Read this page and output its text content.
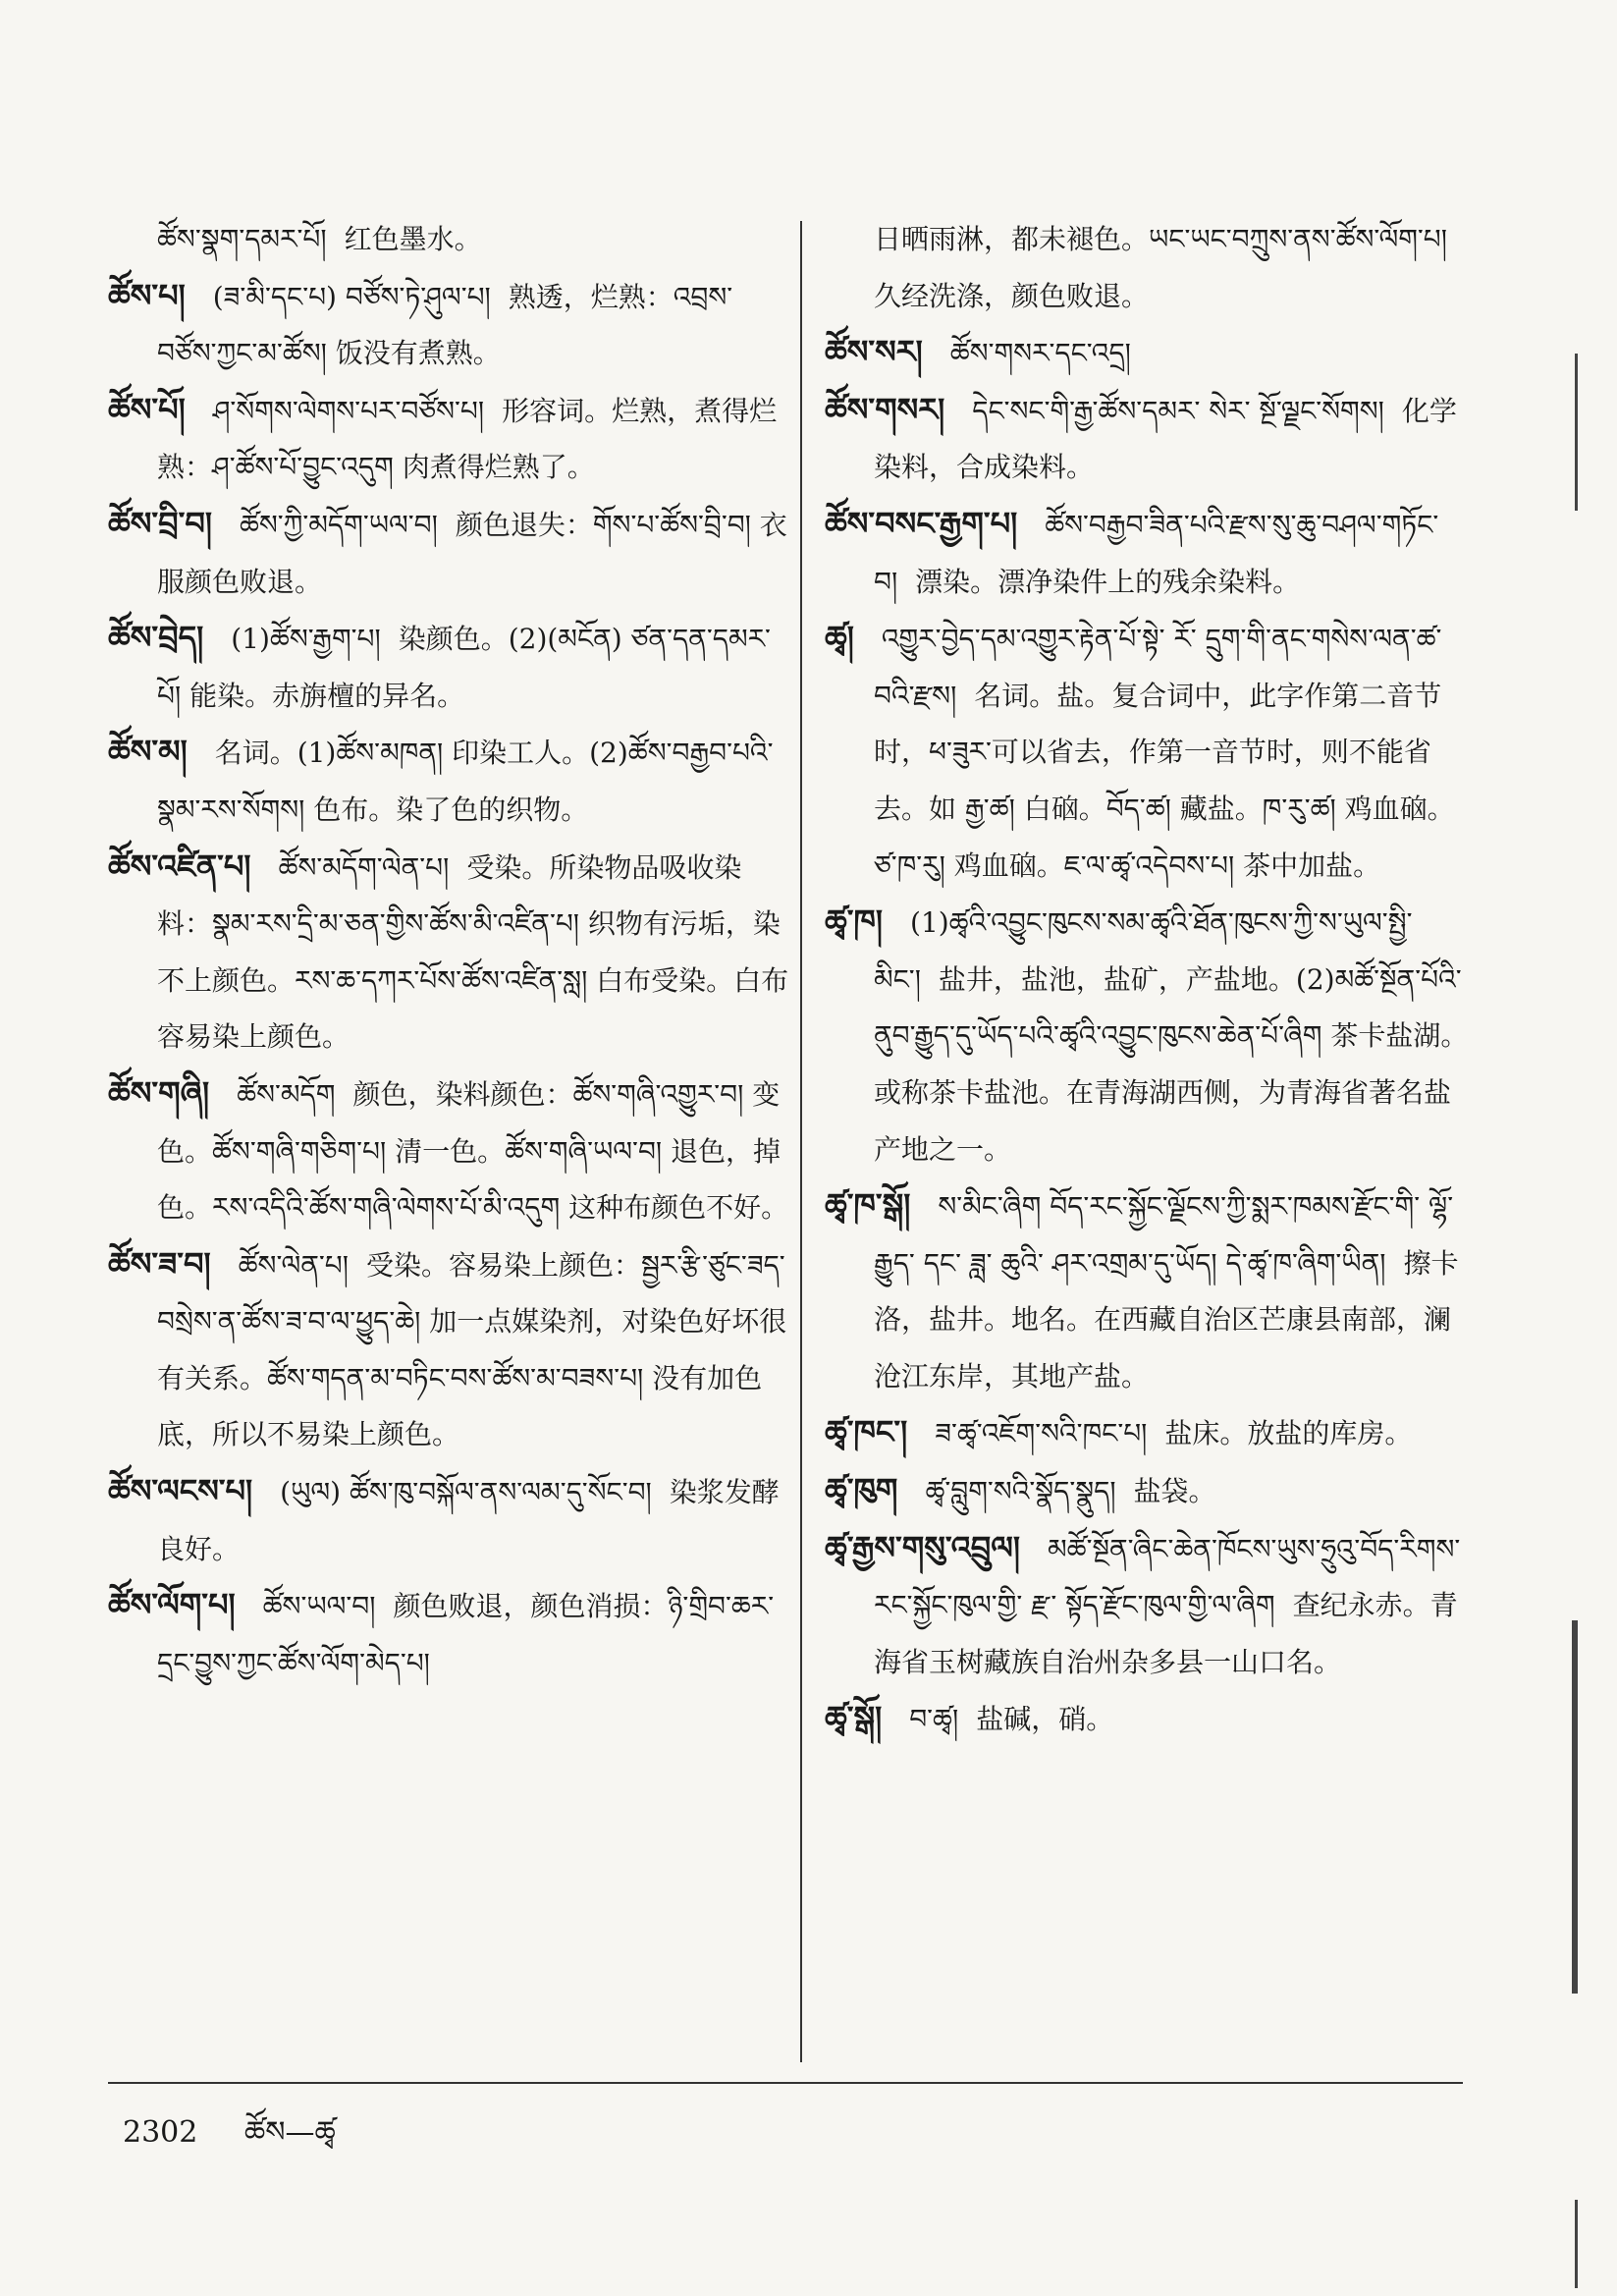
ཚོས་སྣག་དམར་པོ། 红色墨水。

ཚོས་པ། (ཟ་མི་དང་པ) བཙོས་ཏེ་ཤུལ་པ། 熟透，烂熟：འབྲས་བཙོས་ཀྱང་མ་ཚོས། 饭没有煮熟。

ཚོས་པོ། ཤ་སོགས་ལེགས་པར་བཙོས་པ། 形容词。烂熟，煮得烂熟：ཤ་ཚོས་པོ་བྱུང་འདུག 肉煮得烂熟了。

ཚོས་བྲི་བ། ཚོས་ཀྱི་མདོག་ཡལ་བ། 颜色退失：གོས་པ་ཚོས་བྲི་བ། 衣服颜色败退。

ཚོས་བྲེད། (1)ཚོས་རྒྱག་པ། 染颜色。(2)(མངོན) ཙན་དན་དམར་པོ། 能染。赤旃檀的异名。

ཚོས་མ། 名词。(1)ཚོས་མཁན། 印染工人。(2)ཚོས་བརྒྱབ་པའི་སྣམ་རས་སོགས། 色布。染了色的织物。

ཚོས་འཛིན་པ། ཚོས་མདོག་ལེན་པ། 受染。所染物品吸收染料：སྣམ་རས་དྲི་མ་ཅན་གྱིས་ཚོས་མི་འཛིན་པ། 织物有污垢，染不上颜色。རས་ཆ་དཀར་པོས་ཚོས་འཛིན་སླ། 白布受染。白布容易染上颜色。

ཚོས་གཞི། ཚོས་མདོག 颜色，染料颜色：ཚོས་གཞི་འགྱུར་བ། 变色。ཚོས་གཞི་གཅིག་པ། 清一色。ཚོས་གཞི་ཡལ་བ། 退色，掉色。རས་འདིའི་ཚོས་གཞི་ལེགས་པོ་མི་འདུག 这种布颜色不好。

ཚོས་ཟ་བ། ཚོས་ལེན་པ། 受染。容易染上颜色：སྦྱར་རྩི་ཙུང་ཟད་བསྲེས་ན་ཚོས་ཟ་བ་ལ་ཕྱུད་ཆེ། 加一点媒染剂，对染色好坏很有关系。ཚོས་གདན་མ་བཏིང་བས་ཚོས་མ་བཟས་པ། 没有加色底，所以不易染上颜色。

ཚོས་ལངས་པ། (ཡུལ) ཚོས་ཁུ་བསྐོལ་ནས་ལམ་དུ་སོང་བ། 染浆发酵良好。

ཚོས་ལོག་པ། ཚོས་ཡལ་བ། 颜色败退，颜色消损：ཉི་གྲིབ་ཆར་དྲང་བྱུས་ཀྱང་ཚོས་ལོག་མེད་པ།

日晒雨淋，都未褪色。ཡང་ཡང་བཀྲུས་ནས་ཚོས་ལོག་པ། 久经洗涤，颜色败退。

ཚོས་སར། ཚོས་གསར་དང་འདྲ།

ཚོས་གསར། དེང་སང་གི་རྒྱ་ཚོས་དམར་ སེར་ སྔོ་ལྗང་སོགས། 化学染料，合成染料。

ཚོས་བསང་རྒྱག་པ། ཚོས་བརྒྱབ་ཟིན་པའི་རྫས་སུ་ཆུ་བཤལ་གཏོང་བ། 漂染。漂净染件上的残余染料。

ཚྭ། འགྱུར་བྱེད་དམ་འགྱུར་རྟེན་པོ་སྟེ་ རོ་ དྲུག་གི་ནང་གསེས་ལན་ཚ་བའི་རྫས། 名词。盐。复合词中，此字作第二音节时，ཕ་ཟུར་可以省去，作第一音节时，则不能省去。如 རྒྱ་ཚ། 白硇。བོད་ཚ། 藏盐。ཁ་རུ་ཚ། 鸡血硇。ཙ་ཁ་རུ། 鸡血硇。ཇ་ལ་ཚྭ་འདེབས་པ། 茶中加盐。

ཚྭ་ཁ། (1)ཚྭའི་འབྱུང་ཁུངས་སམ་ཚྭའི་ཐོན་ཁུངས་ཀྱི་ས་ཡུལ་སྤྱི་མིང་། 盐井，盐池，盐矿，产盐地。(2)མཚོ་སྔོན་པོའི་ནུབ་རྒྱུད་དུ་ཡོད་པའི་ཚྭའི་འབྱུང་ཁུངས་ཆེན་པོ་ཞིག 茶卡盐湖。或称茶卡盐池。在青海湖西侧，为青海省著名盐产地之一。

ཚྭ་ཁ་སྒོ། ས་མིང་ཞིག བོད་རང་སྐྱོང་ལྗོངས་ཀྱི་སྨར་ཁམས་རྫོང་གི་ ལྷོ་ རྒྱུད་ དང་ ཟླ་ ཆུའི་ ཤར་འགྲམ་དུ་ཡོད། དེ་ཚྭ་ཁ་ཞིག་ཡིན། 擦卡洛，盐井。地名。在西藏自治区芒康县南部，澜沧江东岸，其地产盐。

ཚྭ་ཁང་། ཟ་ཚྭ་འཇོག་སའི་ཁང་པ། 盐床。放盐的库房。

ཚྭ་ཁུག ཚྭ་བླུག་སའི་སྣོད་སྣུད། 盐袋。

ཚྭ་རྒྱས་གསུ་འབྲུལ། མཚོ་སྔོན་ཞིང་ཆེན་ཁོངས་ཡུས་ཧྲུའུ་བོད་རིགས་རང་སྐྱོང་ཁུལ་གྱི་ རྫ་ སྟོད་རྫོང་ཁུལ་གྱི་ལ་ཞིག 查纪永赤。青海省玉树藏族自治州杂多县一山口名。

ཚྭ་སྒོ། བ་ཚྭ། 盐碱，硝。

2302 ཚོས—ཚྭ
